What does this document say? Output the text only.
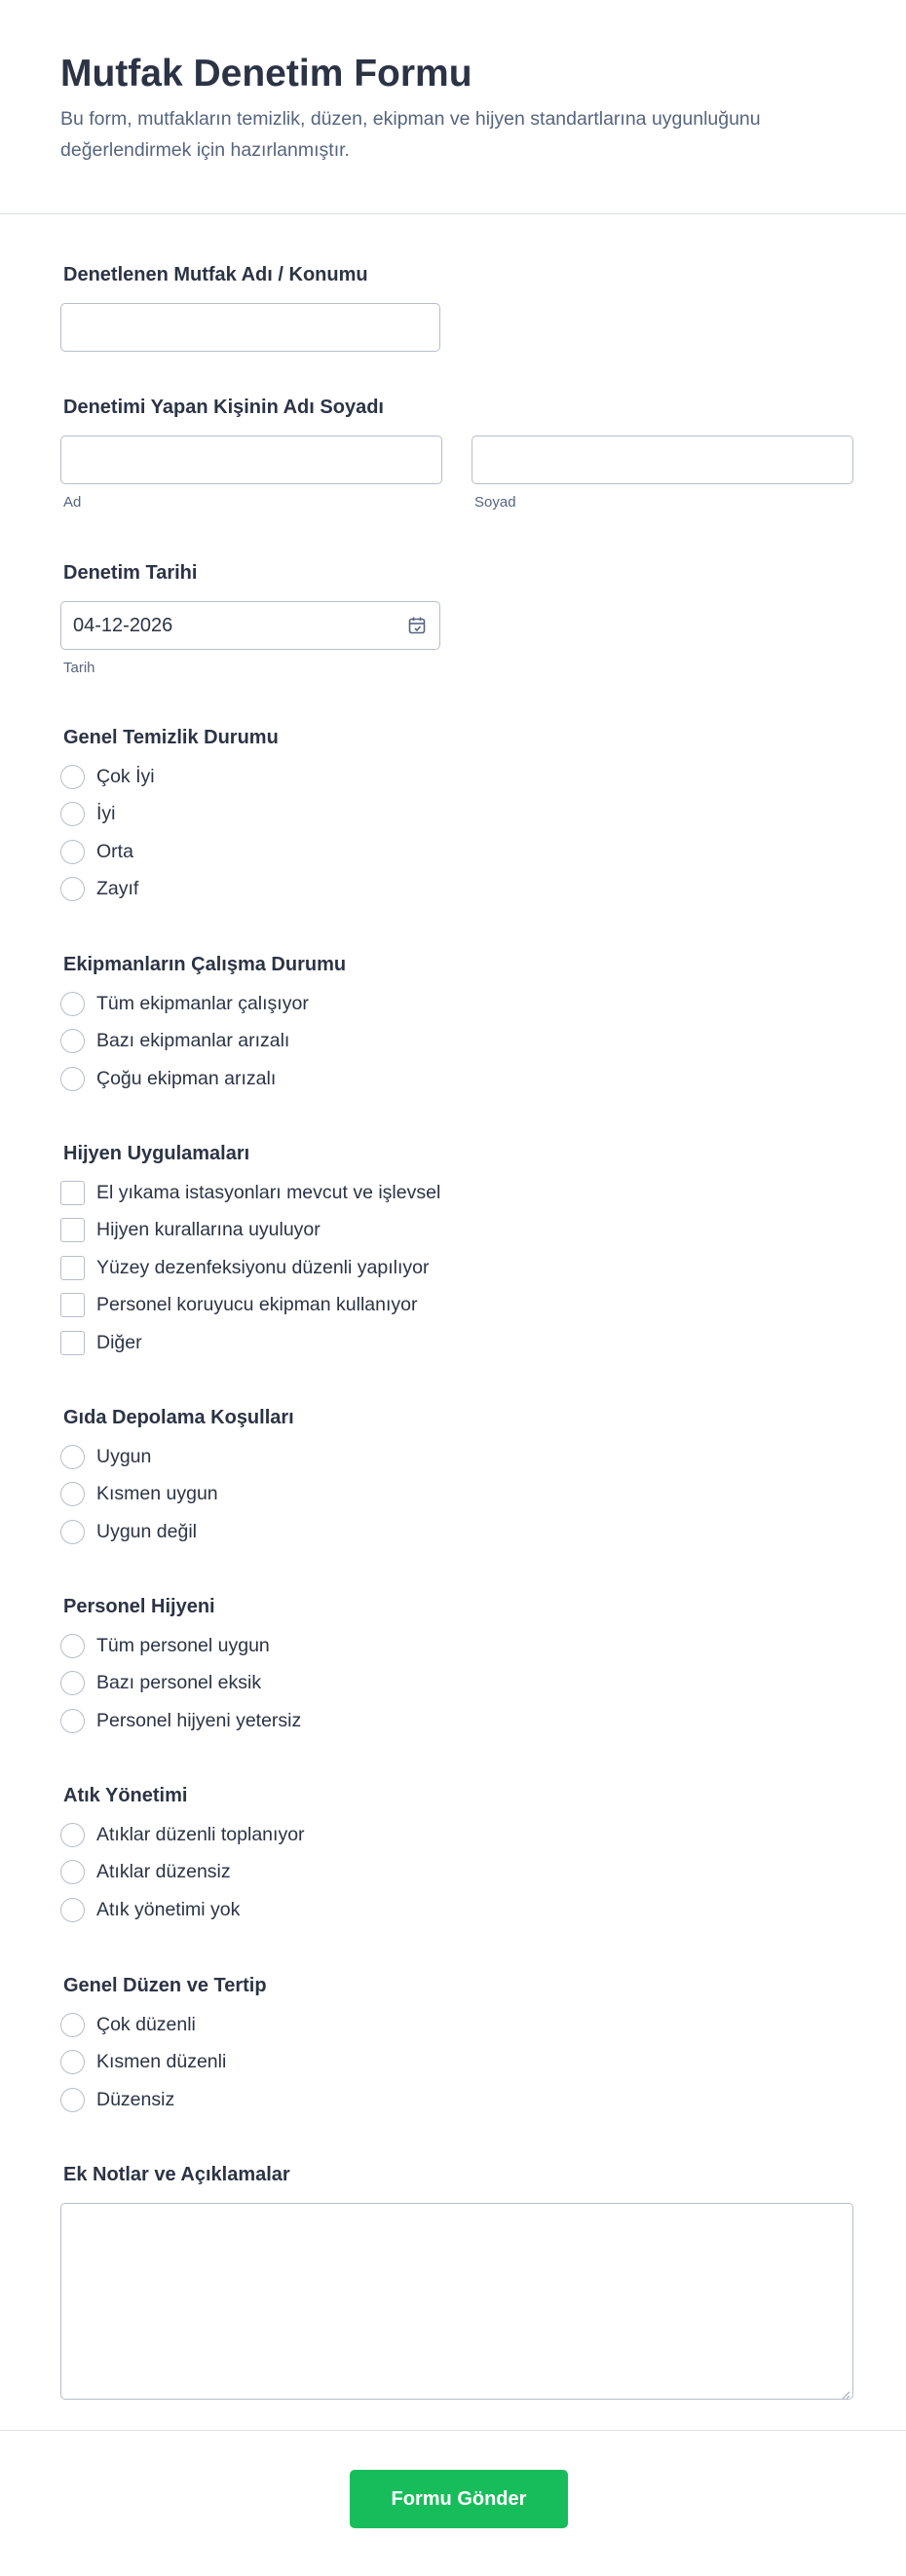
Mutfak Denetim Formu

Bu form, mutfakların temizlik, düzen, ekipman ve hijyen standartlarına uygunluğunu değerlendirmek için hazırlanmıştır.

Denetlenen Mutfak Adı / Konumu
Denetimi Yapan Kişinin Adı Soyadı
Ad	Soyad
Denetim Tarihi
04-12-2026
Tarih
Genel Temizlik Durumu
Çok İyi
İyi
Orta
Zayıf
Ekipmanların Çalışma Durumu
Tüm ekipmanlar çalışıyor
Bazı ekipmanlar arızalı
Çoğu ekipman arızalı
Hijyen Uygulamaları
El yıkama istasyonları mevcut ve işlevsel
Hijyen kurallarına uyuluyor
Yüzey dezenfeksiyonu düzenli yapılıyor
Personel koruyucu ekipman kullanıyor
Diğer
Gıda Depolama Koşulları
Uygun
Kısmen uygun
Uygun değil
Personel Hijyeni
Tüm personel uygun
Bazı personel eksik
Personel hijyeni yetersiz
Atık Yönetimi
Atıklar düzenli toplanıyor
Atıklar düzensiz
Atık yönetimi yok
Genel Düzen ve Tertip
Çok düzenli
Kısmen düzenli
Düzensiz
Ek Notlar ve Açıklamalar
Formu Gönder
